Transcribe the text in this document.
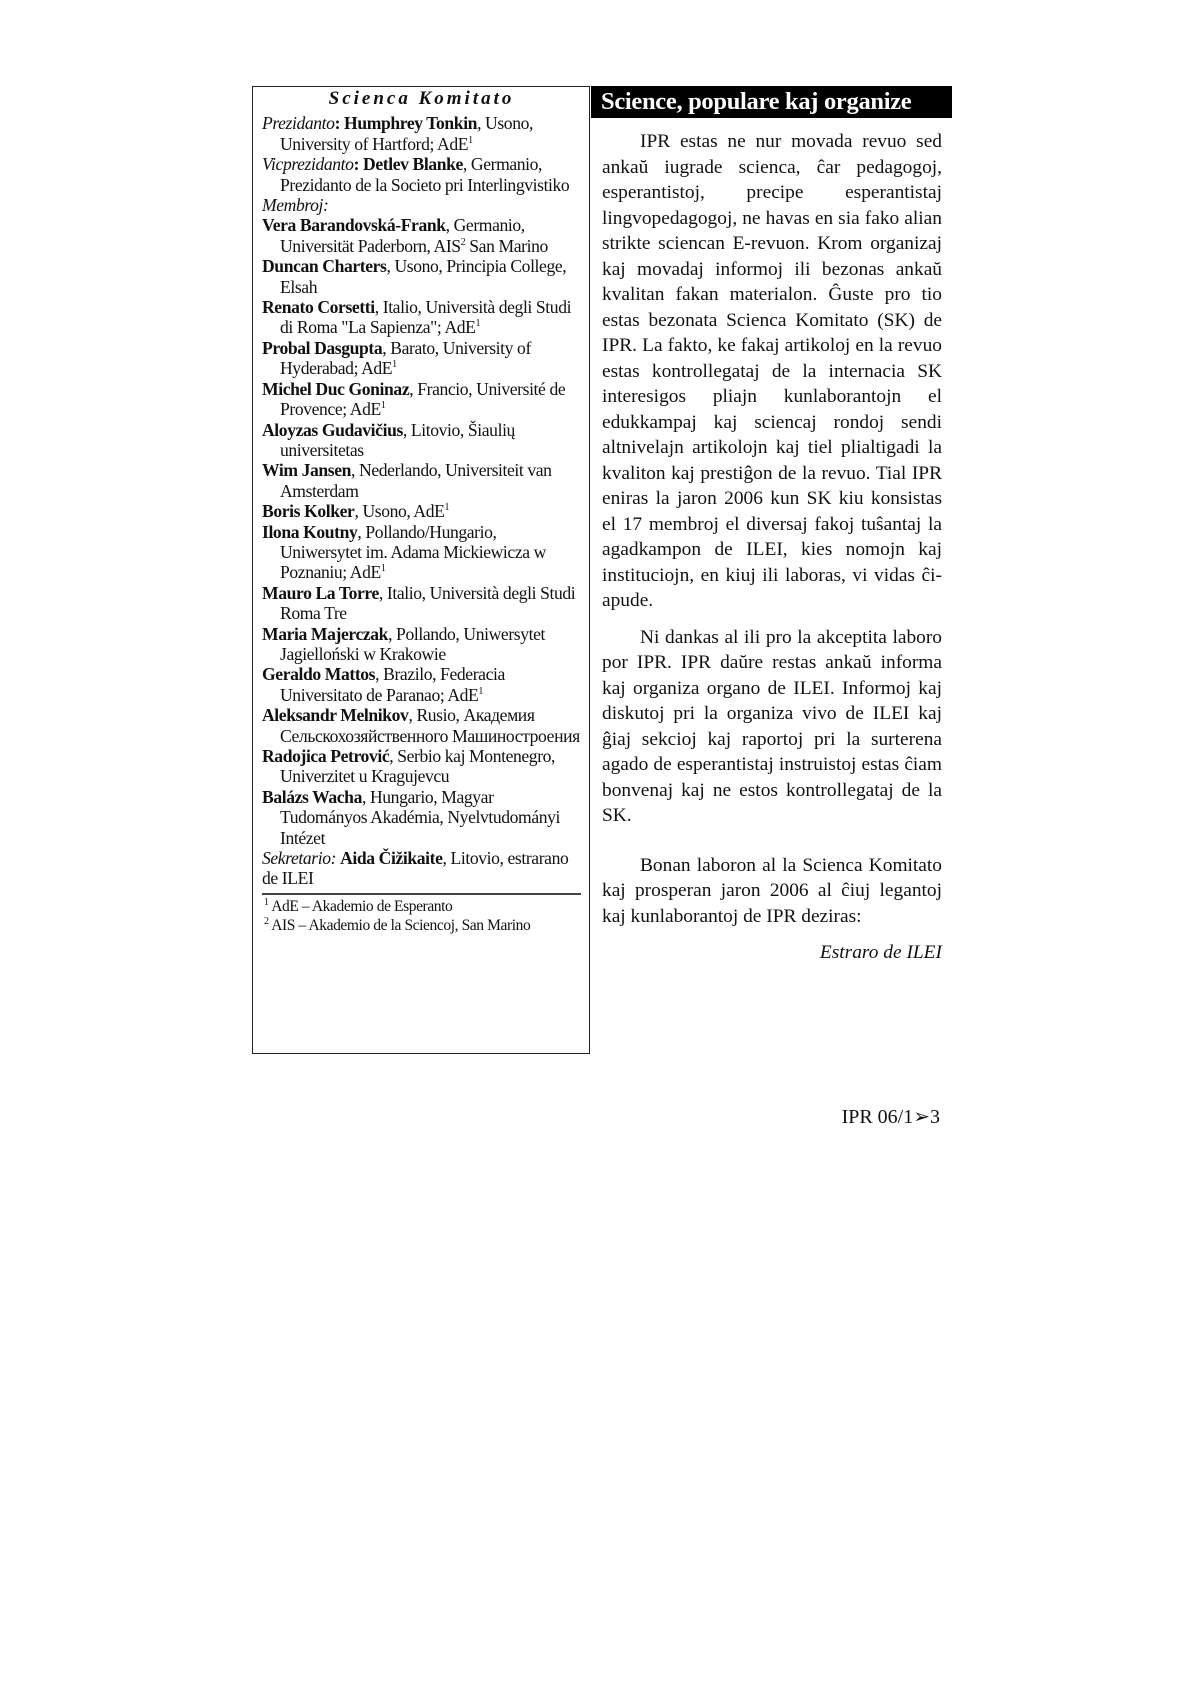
Scienca Komitato
Prezidanto: Humphrey Tonkin, Usono, University of Hartford; AdE$^1$
Vicprezidanto: Detlev Blanke, Germanio, Prezidanto de la Societo pri Interlingvistiko
Membroj:
Vera Barandovská-Frank, Germanio, Universität Paderborn, AIS$^2$ San Marino
Duncan Charters, Usono, Principia College, Elsah
Renato Corsetti, Italio, Università degli Studi di Roma "La Sapienza"; AdE$^1$
Probal Dasgupta, Barato, University of Hyderabad; AdE$^1$
Michel Duc Goninaz, Francio, Université de Provence; AdE$^1$
Aloyzas Gudavičius, Litovio, Šiaulių universitetas
Wim Jansen, Nederlando, Universiteit van Amsterdam
Boris Kolker, Usono, AdE$^1$
Ilona Koutny, Pollando/Hungario, Uniwersytet im. Adama Mickiewicza w Poznaniu; AdE$^1$
Mauro La Torre, Italio, Università degli Studi Roma Tre
Maria Majerczak, Pollando, Uniwersytet Jagielloński w Krakowie
Geraldo Mattos, Brazilo, Federacia Universitato de Paranao; AdE$^1$
Aleksandr Melnikov, Rusio, Академия Сельскохозяйственного Машиностроения
Radojica Petrović, Serbio kaj Montenegro, Univerzitet u Kragujevcu
Balázs Wacha, Hungario, Magyar Tudományos Akadémia, Nyelvtudományi Intézet
Sekretario: Aida Čižikaite, Litovio, estrarano de ILEI
$^1$ AdE – Akademio de Esperanto
$^2$ AIS – Akademio de la Sciencoj, San Marino
Science, populare kaj organize

IPR estas ne nur movada revuo sed ankaŭ iugrade scienca, ĉar pedagogoj, esperantistoj, precipe esperantistaj lingvopedagogoj, ne havas en sia fako alian strikte sciencan E-revuon. Krom organizaj kaj movadaj informoj ili bezonas ankaŭ kvalitan fakan materialon. Ĝuste pro tio estas bezonata Scienca Komitato (SK) de IPR. La fakto, ke fakaj artikoloj en la revuo estas kontrollegataj de la internacia SK interesigos pliajn kunlaborantojn el edukkampaj kaj sciencaj rondoj sendi altnivelajn artikolojn kaj tiel plialtigadi la kvaliton kaj prestiĝon de la revuo. Tial IPR eniras la jaron 2006 kun SK kiu konsistas el 17 membroj el diversaj fakoj tuŝantaj la agadkampon de ILEI, kies nomojn kaj instituciojn, en kiuj ili laboras, vi vidas ĉi-apude.

Ni dankas al ili pro la akceptita laboro por IPR. IPR daŭre restas ankaŭ informa kaj organiza organo de ILEI. Informoj kaj diskutoj pri la organiza vivo de ILEI kaj ĝiaj sekcioj kaj raportoj pri la surterena agado de esperantistaj instruistoj estas ĉiam bonvenaj kaj ne estos kontrollegataj de la SK.

Bonan laboron al la Scienca Komitato kaj prosperan jaron 2006 al ĉiuj legantoj kaj kunlaborantoj de IPR deziras:

Estraro de ILEI
IPR 06/1➢3
